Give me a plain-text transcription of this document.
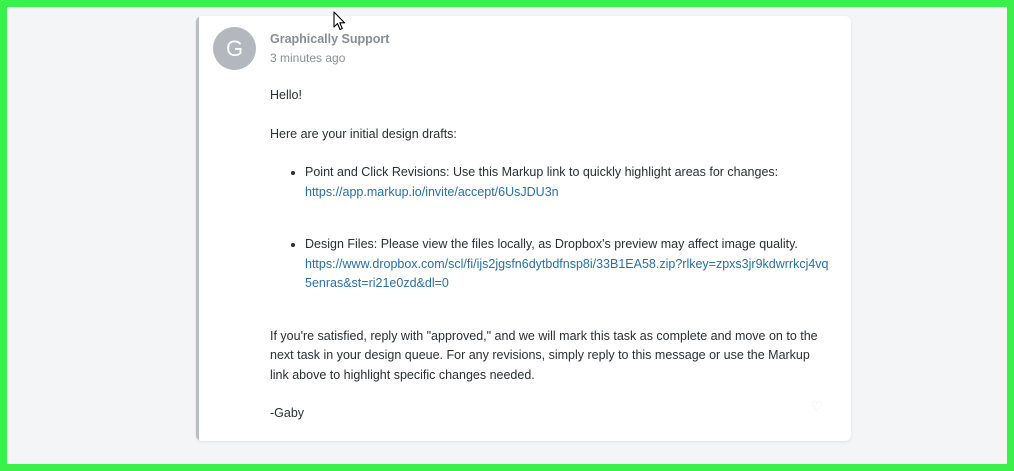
G Graphically Support
3 minutes ago

Hello!

Here are your initial design drafts:

• Point and Click Revisions: Use this Markup link to quickly highlight areas for changes:
https://app.markup.io/invite/accept/6UsJDU3n
• Design Files: Please view the files locally, as Dropbox's preview may affect image quality.
https://www.dropbox.com/scl/fi/ijs2jgsfn6dytbdfnsp8i/33B1EA58.zip?rlkey=zpxs3jr9kdwrrkcj4vq5enras&st=ri21e0zd&dl=0

If you're satisfied, reply with "approved," and we will mark this task as complete and move on to the next task in your design queue. For any revisions, simply reply to this message or use the Markup link above to highlight specific changes needed.

-Gaby	♡
